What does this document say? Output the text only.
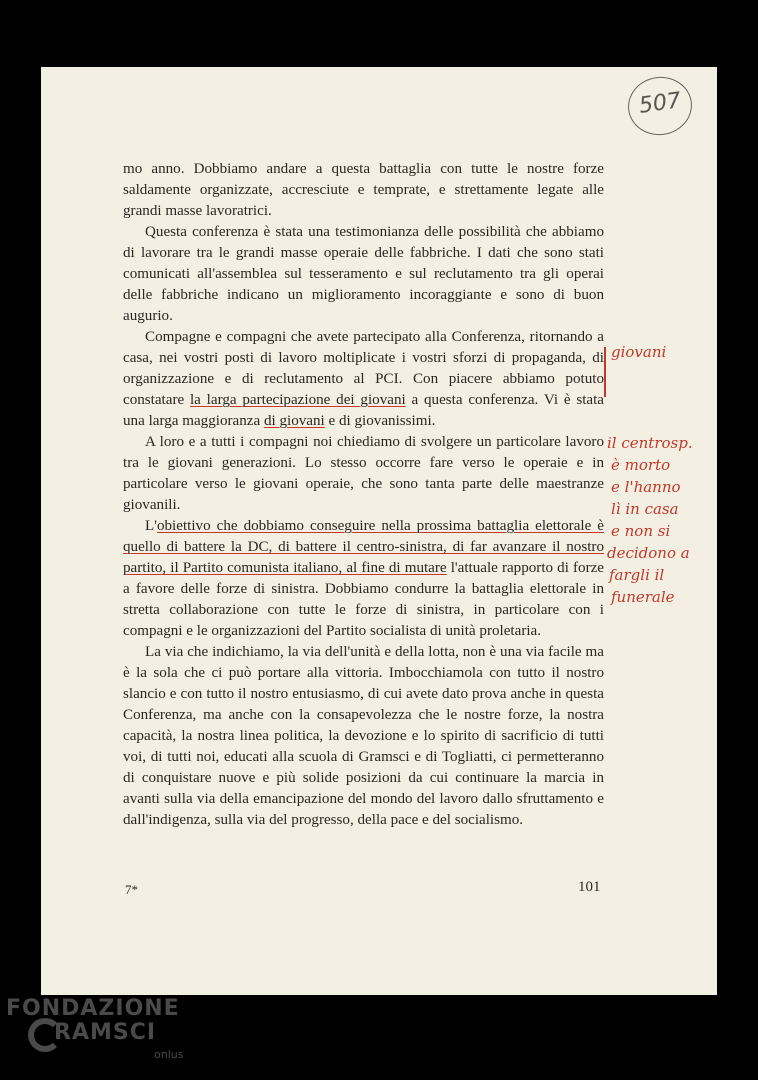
507

mo anno. Dobbiamo andare a questa battaglia con tutte le nostre forze saldamente organizzate, accresciute e temprate, e strettamente legate alle grandi masse lavoratrici.

Questa conferenza è stata una testimonianza delle possibilità che abbiamo di lavorare tra le grandi masse operaie delle fabbriche. I dati che sono stati comunicati all'assemblea sul tesseramento e sul reclutamento tra gli operai delle fabbriche indicano un miglioramento incoraggiante e sono di buon augurio.

Compagne e compagni che avete partecipato alla Conferenza, ritornando a casa, nei vostri posti di lavoro moltiplicate i vostri sforzi di propaganda, di organizzazione e di reclutamento al PCI. Con piacere abbiamo potuto constatare la larga partecipazione dei giovani a questa conferenza. Vi è stata una larga maggioranza di giovani e di giovanissimi.

A loro e a tutti i compagni noi chiediamo di svolgere un particolare lavoro tra le giovani generazioni. Lo stesso occorre fare verso le operaie e in particolare verso le giovani operaie, che sono tanta parte delle maestranze giovanili.

L'obiettivo che dobbiamo conseguire nella prossima battaglia elettorale è quello di battere la DC, di battere il centro-sinistra, di far avanzare il nostro partito, il Partito comunista italiano, al fine di mutare l'attuale rapporto di forze a favore delle forze di sinistra. Dobbiamo condurre la battaglia elettorale in stretta collaborazione con tutte le forze di sinistra, in particolare con i compagni e le organizzazioni del Partito socialista di unità proletaria.

La via che indichiamo, la via dell'unità e della lotta, non è una via facile ma è la sola che ci può portare alla vittoria. Imbocchiamola con tutto il nostro slancio e con tutto il nostro entusiasmo, di cui avete dato prova anche in questa Conferenza, ma anche con la consapevolezza che le nostre forze, la nostra capacità, la nostra linea politica, la devozione e lo spirito di sacrificio di tutti voi, di tutti noi, educati alla scuola di Gramsci e di Togliatti, ci permetteranno di conquistare nuove e più solide posizioni da cui continuare la marcia in avanti sulla via della emancipazione del mondo del lavoro dallo sfruttamento e dall'indigenza, sulla via del progresso, della pace e del socialismo.

giovani
il centrosp.
è morto
e l'hanno
lì in casa
e non si
decidono a
fargli il
funerale
7*	101
FONDAZIONE
RAMSCI
onlus
